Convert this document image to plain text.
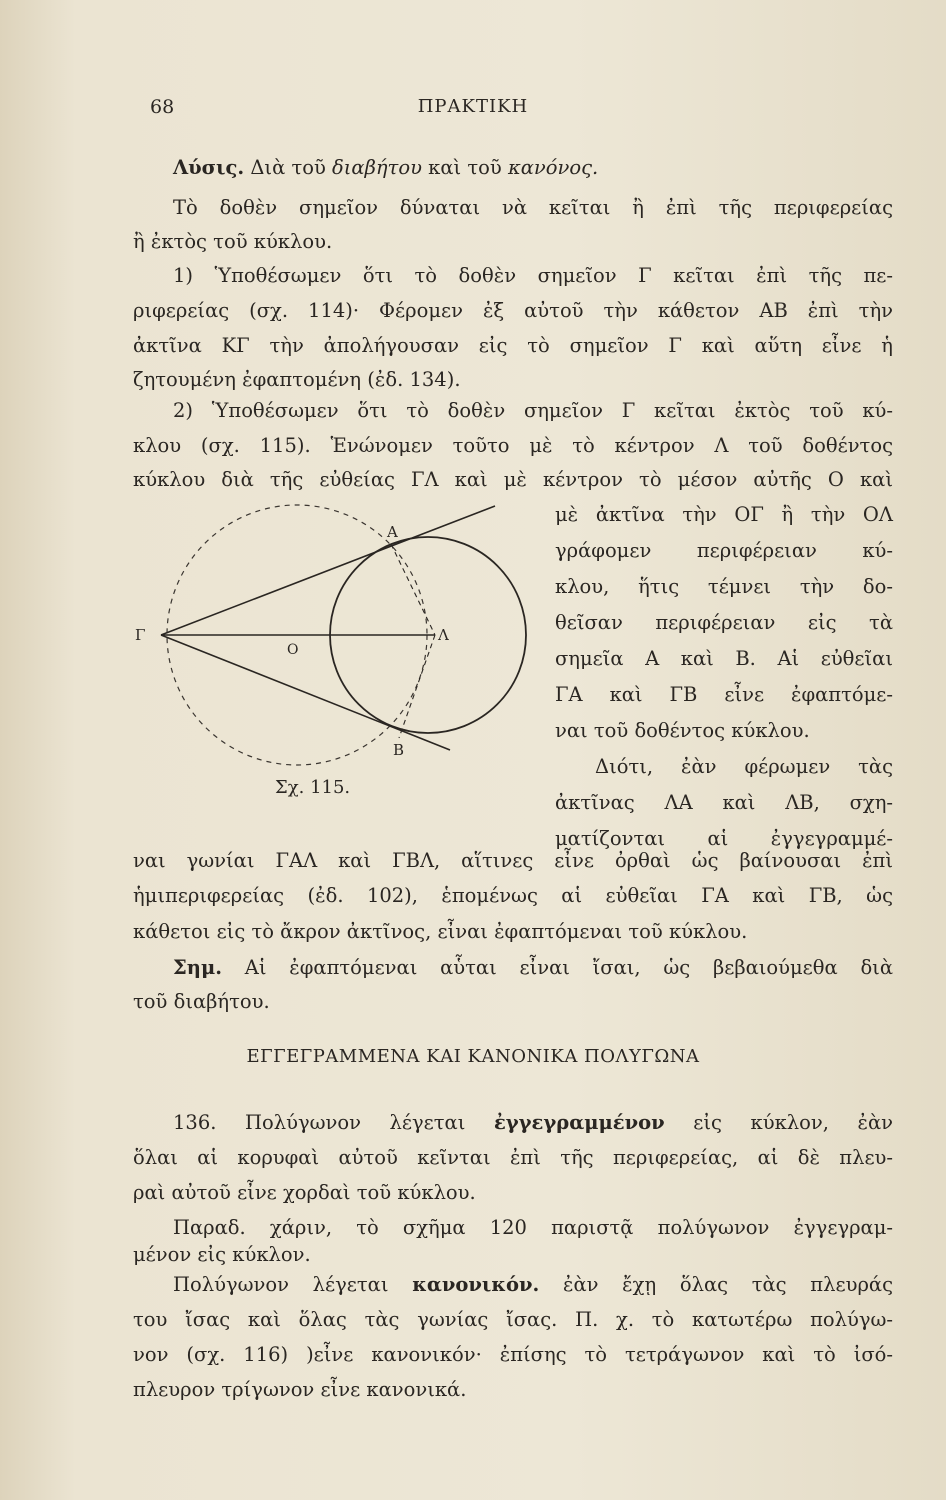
68	ΠΡΑΚΤΙΚΗ
Λύσις. Διὰ τοῦ διαβήτου καὶ τοῦ κανόνος.
Τὸ δοθὲν σημεῖον δύναται νὰ κεῖται ἢ ἐπὶ τῆς περιφερείας
ἢ ἐκτὸς τοῦ κύκλου.
1) Ὑποθέσωμεν ὅτι τὸ δοθὲν σημεῖον Γ κεῖται ἐπὶ τῆς πε-
ριφερείας (σχ. 114)· Φέρομεν ἐξ αὐτοῦ τὴν κάθετον ΑΒ ἐπὶ τὴν
ἀκτῖνα ΚΓ τὴν ἀπολήγουσαν εἰς τὸ σημεῖον Γ καὶ αὕτη εἶνε ἡ
ζητουμένη ἐφαπτομένη (ἐδ. 134).
2) Ὑποθέσωμεν ὅτι τὸ δοθὲν σημεῖον Γ κεῖται ἐκτὸς τοῦ κύ-
κλου (σχ. 115). Ἑνώνομεν τοῦτο μὲ τὸ κέντρον Λ τοῦ δοθέντος
κύκλου διὰ τῆς εὐθείας ΓΛ καὶ μὲ κέντρον τὸ μέσον αὐτῆς Ο καὶ
μὲ ἀκτῖνα τὴν ΟΓ ἢ τὴν ΟΛ
γράφομεν περιφέρειαν κύ-
κλου, ἥτις τέμνει τὴν δο-
θεῖσαν περιφέρειαν εἰς τὰ
σημεῖα Α καὶ Β. Αἱ εὐθεῖαι
ΓΑ καὶ ΓΒ εἶνε ἐφαπτόμε-
ναι τοῦ δοθέντος κύκλου.
Διότι, ἐὰν φέρωμεν τὰς
ἀκτῖνας ΛΑ καὶ ΛΒ, σχη-
ματίζονται αἱ ἐγγεγραμμέ-
Γ
O
Λ
A
B
Σχ. 115.
ναι γωνίαι ΓΑΛ καὶ ΓΒΛ, αἵτινες εἶνε ὀρθαὶ ὡς βαίνουσαι ἐπὶ
ἡμιπεριφερείας (ἐδ. 102), ἑπομένως αἱ εὐθεῖαι ΓΑ καὶ ΓΒ, ὡς
κάθετοι εἰς τὸ ἄκρον ἀκτῖνος, εἶναι ἐφαπτόμεναι τοῦ κύκλου.
Σημ. Αἱ ἐφαπτόμεναι αὗται εἶναι ἴσαι, ὡς βεβαιούμεθα διὰ
τοῦ διαβήτου.
ΕΓΓΕΓΡΑΜΜΕΝΑ ΚΑΙ ΚΑΝΟΝΙΚΑ ΠΟΛΥΓΩΝΑ
136. Πολύγωνον λέγεται ἐγγεγραμμένον εἰς κύκλον, ἐὰν
ὅλαι αἱ κορυφαὶ αὐτοῦ κεῖνται ἐπὶ τῆς περιφερείας, αἱ δὲ πλευ-
ραὶ αὐτοῦ εἶνε χορδαὶ τοῦ κύκλου.
Παραδ. χάριν, τὸ σχῆμα 120 παριστᾷ πολύγωνον ἐγγεγραμ-
μένον εἰς κύκλον.
Πολύγωνον λέγεται κανονικόν. ἐὰν ἔχῃ ὅλας τὰς πλευράς
του ἴσας καὶ ὅλας τὰς γωνίας ἴσας. Π. χ. τὸ κατωτέρω πολύγω-
νον (σχ. 116) )εἶνε κανονικόν· ἐπίσης τὸ τετράγωνον καὶ τὸ ἰσό-
πλευρον τρίγωνον εἶνε κανονικά.
